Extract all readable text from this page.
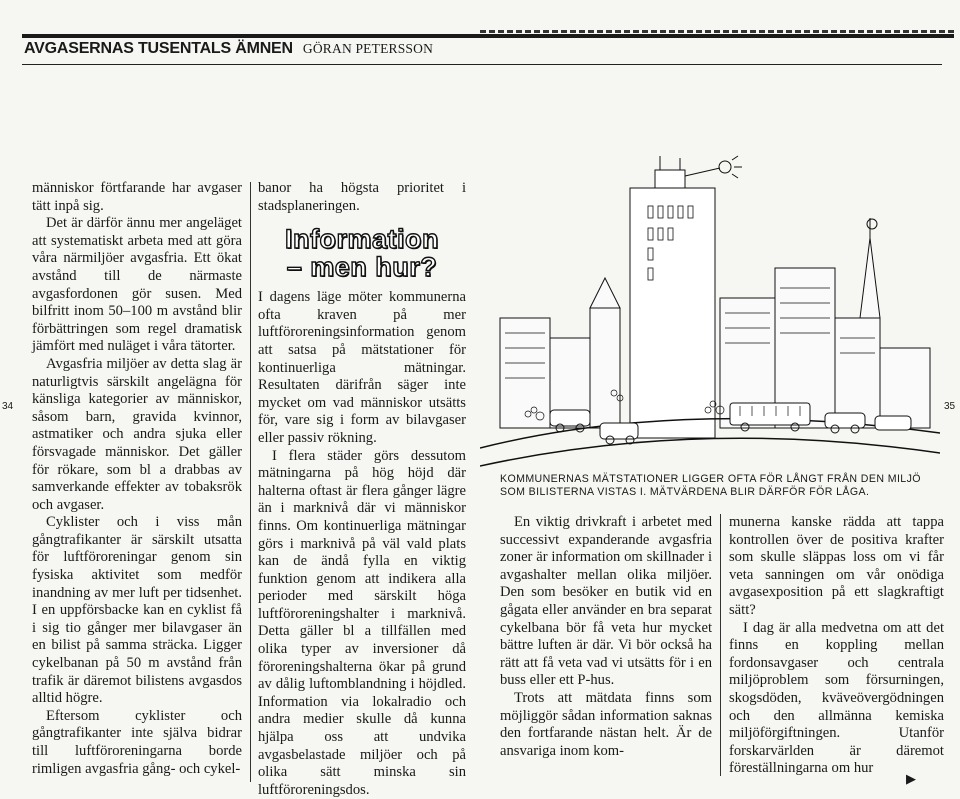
AVGASERNAS TUSENTALS ÄMNEN GÖRAN PETERSSON
34	35

människor förtfarande har avgaser tätt inpå sig.

Det är därför ännu mer angeläget att systematiskt arbeta med att göra våra närmiljöer avgasfria. Ett ökat avstånd till de närmaste avgasfordonen gör susen. Med bilfritt inom 50–100 m avstånd blir förbättringen som regel dramatisk jämfört med nuläget i våra tätorter.

Avgasfria miljöer av detta slag är naturligtvis särskilt angelägna för känsliga kategorier av människor, såsom barn, gravida kvinnor, astmatiker och andra sjuka eller försvagade människor. Det gäller för rökare, som bl a drabbas av samverkande effekter av tobaksrök och avgaser.

Cyklister och i viss mån gångtrafikanter är särskilt utsatta för luftföroreningar genom sin fysiska aktivitet som medför inandning av mer luft per tidsenhet. I en uppförsbacke kan en cyklist få i sig tio gånger mer bilavgaser än en bilist på samma sträcka. Ligger cykelbanan på 50 m avstånd från trafik är däremot bilistens avgasdos alltid högre.

Eftersom cyklister och gångtrafikanter inte själva bidrar till luftföroreningarna borde rimligen avgasfria gång- och cykel-

banor ha högsta prioritet i stadsplaneringen.

Information
– men hur?

I dagens läge möter kommunerna ofta kraven på mer luftföroreningsinformation genom att satsa på mätstationer för kontinuerliga mätningar. Resultaten därifrån säger inte mycket om vad människor utsätts för, vare sig i form av bilavgaser eller passiv rökning.

I flera städer görs dessutom mätningarna på hög höjd där halterna oftast är flera gånger lägre än i marknivå där vi människor finns. Om kontinuerliga mätningar görs i marknivå på väl vald plats kan de ändå fylla en viktig funktion genom att indikera alla perioder med särskilt höga luftföroreningshalter i marknivå. Detta gäller bl a tillfällen med olika typer av inversioner då föroreningshalterna ökar på grund av dålig luftomblandning i höjdled. Information via lokalradio och andra medier skulle då kunna hjälpa oss att undvika avgasbelastade miljöer och på olika sätt minska sin luftföroreningsdos.

KOMMUNERNAS MÄTSTATIONER LIGGER OFTA FÖR LÅNGT FRÅN DEN MILJÖ SOM BILISTERNA VISTAS I. MÄTVÄRDENA BLIR DÄRFÖR FÖR LÅGA.

En viktig drivkraft i arbetet med successivt expanderande avgasfria zoner är information om skillnader i avgashalter mellan olika miljöer. Den som besöker en butik vid en gågata eller använder en bra separat cykelbana bör få veta hur mycket bättre luften är där. Vi bör också ha rätt att få veta vad vi utsätts för i en buss eller ett P-hus.

Trots att mätdata finns som möjliggör sådan information saknas den fortfarande nästan helt. Är de ansvariga inom kom-

munerna kanske rädda att tappa kontrollen över de positiva krafter som skulle släppas loss om vi får veta sanningen om vår onödiga avgasexposition på ett slagkraftigt sätt?

I dag är alla medvetna om att det finns en koppling mellan fordonsavgaser och centrala miljöproblem som försurningen, skogsdöden, kväveövergödningen och den allmänna kemiska miljöförgiftningen. Utanför forskarvärlden är däremot föreställningarna om hur

▶
